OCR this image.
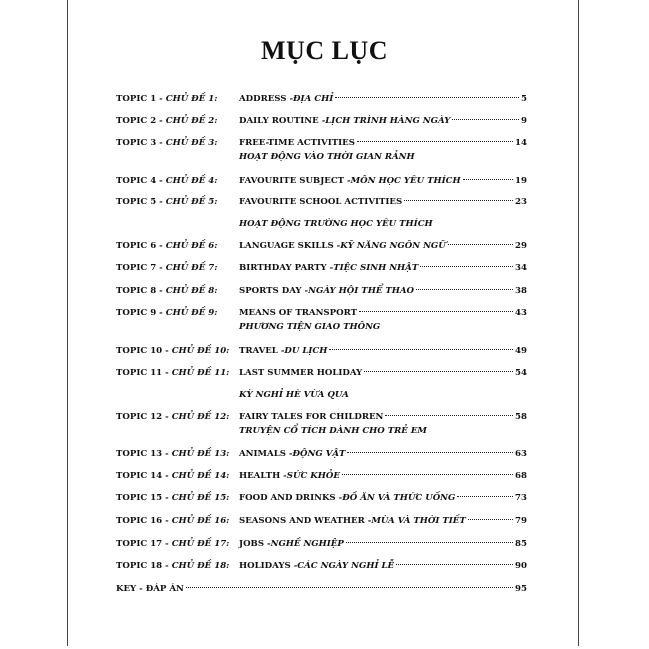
MỤC LỤC
TOPIC 1 - CHỦ ĐỀ 1:	ADDRESS - ĐỊA CHỈ	5
TOPIC 2 - CHỦ ĐỀ 2:	DAILY ROUTINE - LỊCH TRÌNH HÀNG NGÀY	9
TOPIC 3 - CHỦ ĐỀ 3:	FREE-TIME ACTIVITIES	14
HOẠT ĐỘNG VÀO THỜI GIAN RẢNH
TOPIC 4 - CHỦ ĐỀ 4:	FAVOURITE SUBJECT - MÔN HỌC YÊU THÍCH	19
TOPIC 5 - CHỦ ĐỀ 5:	FAVOURITE SCHOOL ACTIVITIES	23
HOẠT ĐỘNG TRƯỜNG HỌC YÊU THÍCH
TOPIC 6 - CHỦ ĐỀ 6:	LANGUAGE SKILLS - KỸ NĂNG NGÔN NGỮ	29
TOPIC 7 - CHỦ ĐỀ 7:	BIRTHDAY PARTY - TIỆC SINH NHẬT	34
TOPIC 8 - CHỦ ĐỀ 8:	SPORTS DAY - NGÀY HỘI THỂ THAO	38
TOPIC 9 - CHỦ ĐỀ 9:	MEANS OF TRANSPORT	43
PHƯƠNG TIỆN GIAO THÔNG
TOPIC 10 - CHỦ ĐỀ 10: TRAVEL - DU LỊCH	49
TOPIC 11 - CHỦ ĐỀ 11: LAST SUMMER HOLIDAY	54
KỲ NGHỈ HÈ VỪA QUA
TOPIC 12 - CHỦ ĐỀ 12: FAIRY TALES FOR CHILDREN	58
TRUYỆN CỔ TÍCH DÀNH CHO TRẺ EM
TOPIC 13 - CHỦ ĐỀ 13: ANIMALS - ĐỘNG VẬT	63
TOPIC 14 - CHỦ ĐỀ 14: HEALTH - SỨC KHỎE	68
TOPIC 15 - CHỦ ĐỀ 15: FOOD AND DRINKS - ĐỒ ĂN VÀ THỨC UỐNG	73
TOPIC 16 - CHỦ ĐỀ 16: SEASONS AND WEATHER - MÙA VÀ THỜI TIẾT	79
TOPIC 17 - CHỦ ĐỀ 17: JOBS - NGHỀ NGHIỆP	85
TOPIC 18 - CHỦ ĐỀ 18: HOLIDAYS - CÁC NGÀY NGHỈ LỄ	90
KEY - ĐÁP ÁN	95
